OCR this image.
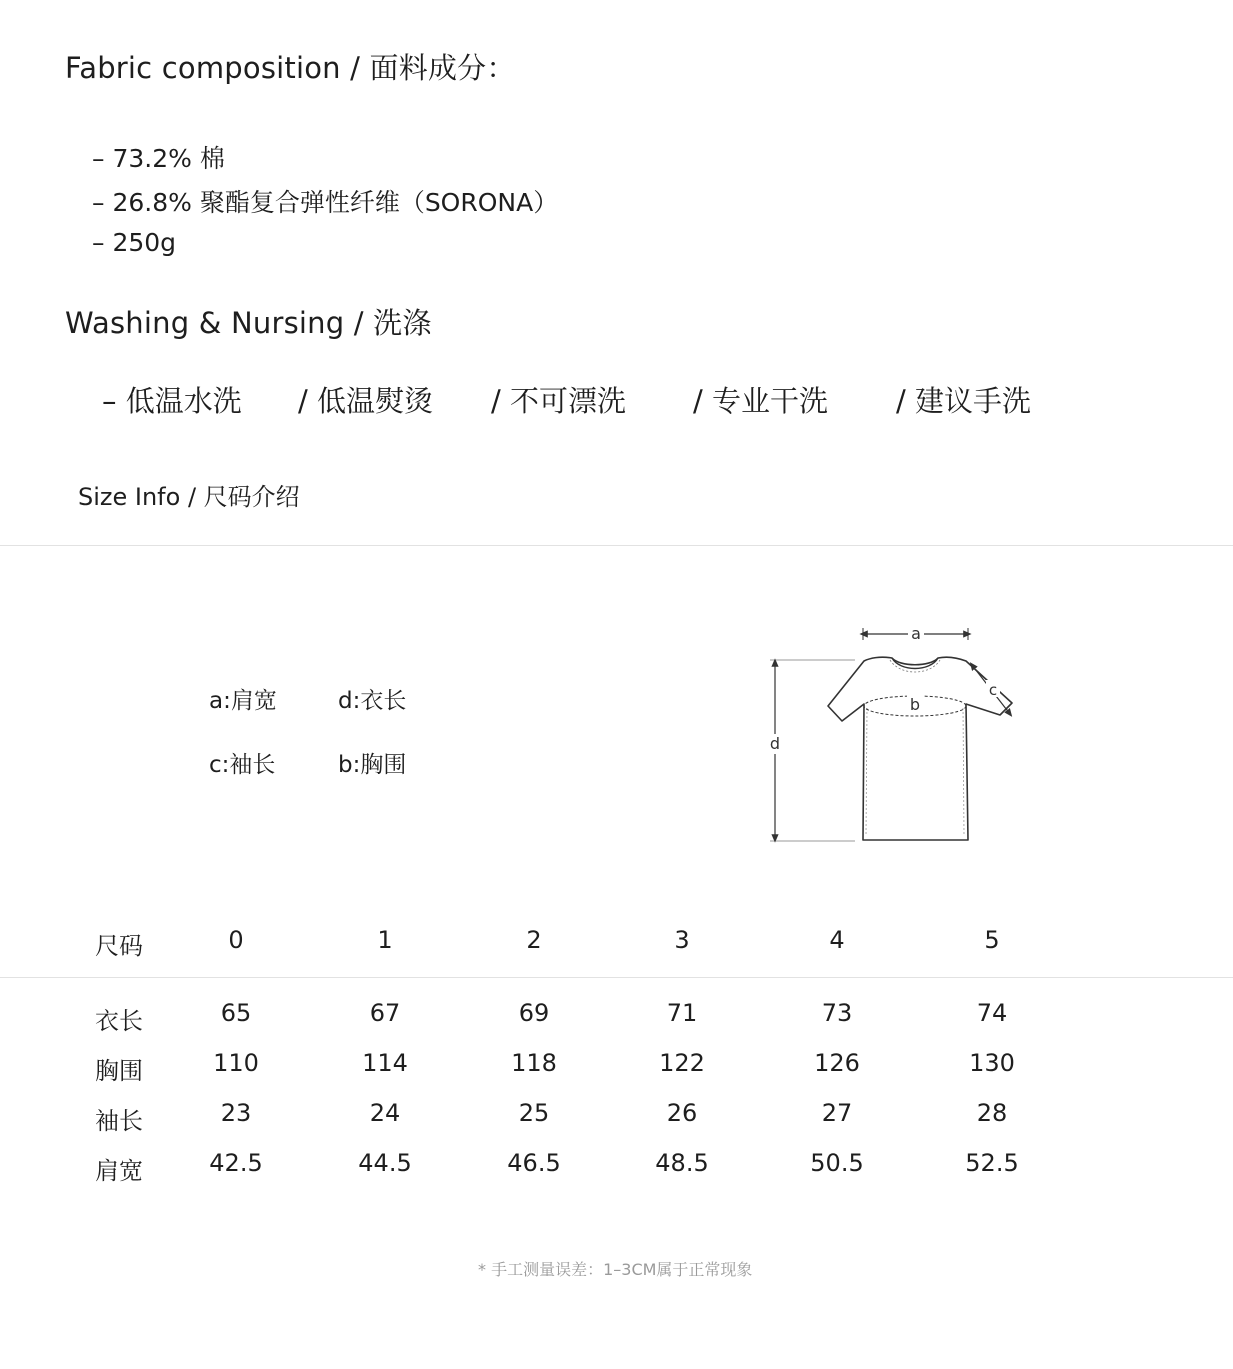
Fabric composition / 面料成分：
– 73.2% 棉
– 26.8% 聚酯复合弹性纤维（SORONA）
– 250g
Washing & Nursing / 洗涤
– 低温水洗 / 低温熨烫 / 不可漂洗 / 专业干洗 / 建议手洗
Size Info / 尺码介绍
a:肩宽	d:衣长
c:袖长	b:胸围
a
b
c
d
尺码	0	1	2	3	4	5
衣长	65	67	69	71	73	74
胸围	110	114	118	122	126	130
袖长	23	24	25	26	27	28
肩宽	42.5	44.5	46.5	48.5	50.5	52.5
* 手工测量误差：1–3CM属于正常现象
